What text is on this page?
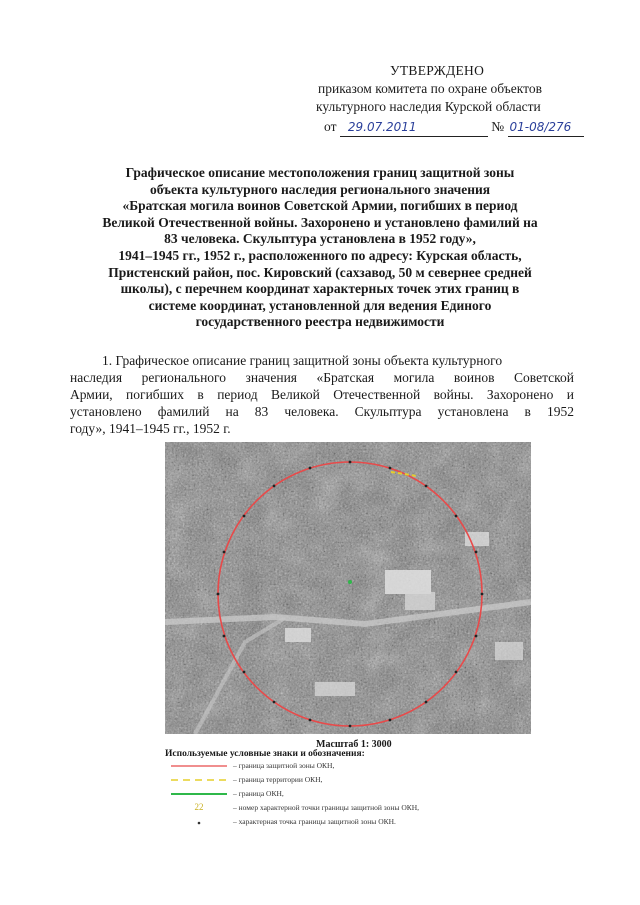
УТВЕРЖДЕНО
приказом комитета по охране объектов
культурного наследия Курской области
от 29.07.2011	№ 01-08/276
Графическое описание местоположения границ защитной зоны
объекта культурного наследия регионального значения
«Братская могила воинов Советской Армии, погибших в период
Великой Отечественной войны. Захоронено и установлено фамилий на
83 человека. Скульптура установлена в 1952 году»,
1941–1945 гг., 1952 г., расположенного по адресу: Курская область,
Пристенский район, пос. Кировский (сахзавод, 50 м севернее средней
школы), с перечнем координат характерных точек этих границ в
системе координат, установленной для ведения Единого
государственного реестра недвижимости
1. Графическое описание границ защитной зоны объекта культурного
наследия регионального значения «Братская могила воинов Советской
Армии, погибших в период Великой Отечественной войны. Захоронено и
установлено фамилий на 83 человека. Скульптура установлена в 1952
году», 1941–1945 гг., 1952 г.
Масштаб 1: 3000
Используемые условные знаки и обозначения:
– граница защитной зоны ОКН,
– граница территории ОКН,
– граница ОКН,
22	– номер характерной точки границы защитной зоны ОКН,
– характерная точка границы защитной зоны ОКН.
